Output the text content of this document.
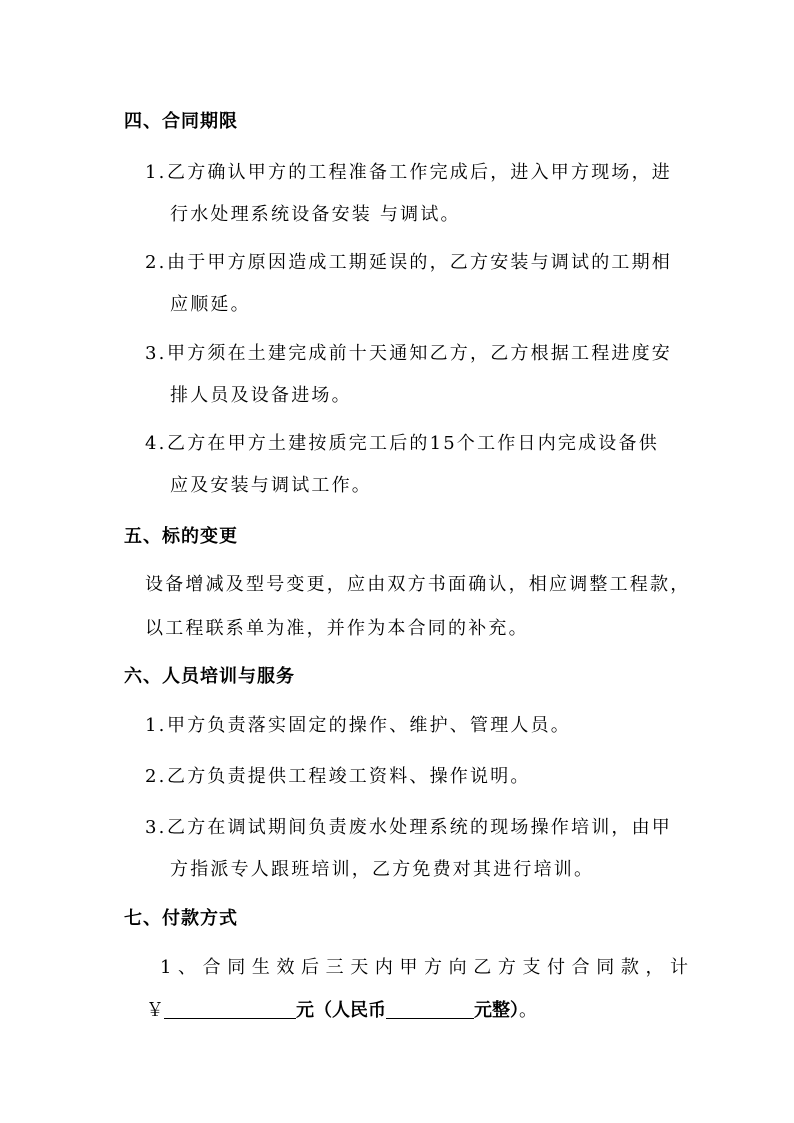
四、合同期限
1.乙方确认甲方的工程准备工作完成后，进入甲方现场，进
行水处理系统设备安装 与调试。
2.由于甲方原因造成工期延误的，乙方安装与调试的工期相
应顺延。
3.甲方须在土建完成前十天通知乙方，乙方根据工程进度安
排人员及设备进场。
4.乙方在甲方土建按质完工后的15个工作日内完成设备供
应及安装与调试工作。
五、标的变更
设备增减及型号变更，应由双方书面确认，相应调整工程款，
以工程联系单为准，并作为本合同的补充。
六、人员培训与服务
1.甲方负责落实固定的操作、维护、管理人员。
2.乙方负责提供工程竣工资料、操作说明。
3.乙方在调试期间负责废水处理系统的现场操作培训，由甲
方指派专人跟班培训，乙方免费对其进行培训。
七、付款方式
1、合同生效后三天内甲方向乙方支付合同款，计
￥	元（人民币	元整）。
